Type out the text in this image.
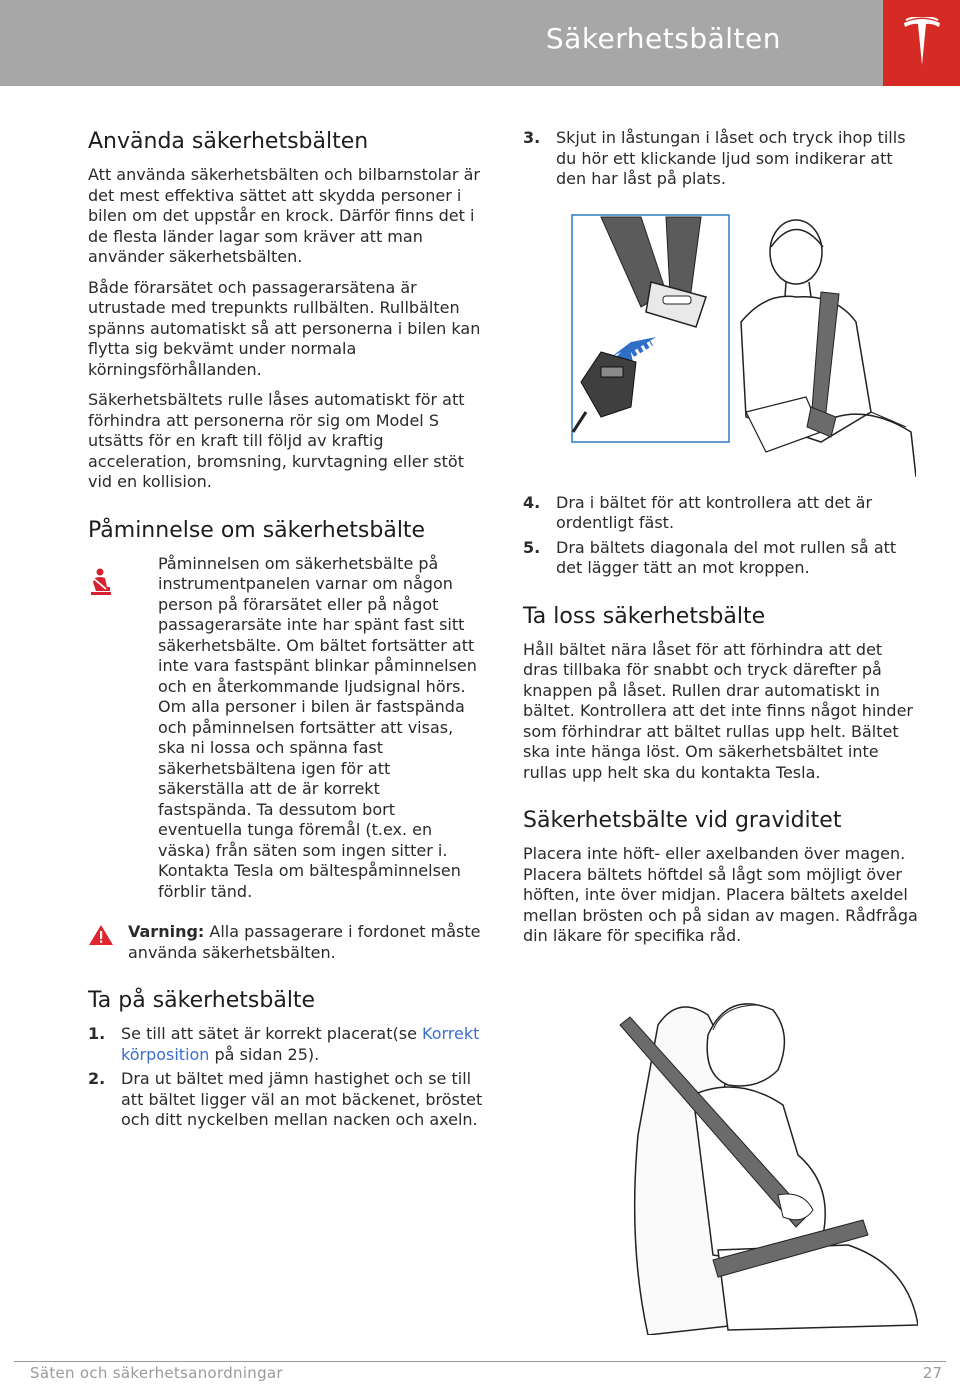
Säkerhetsbälten
Använda säkerhetsbälten

Att använda säkerhetsbälten och bilbarnstolar är det mest effektiva sättet att skydda personer i bilen om det uppstår en krock. Därför finns det i de flesta länder lagar som kräver att man använder säkerhetsbälten.

Både förarsätet och passagerarsätena är utrustade med trepunkts rullbälten. Rullbälten spänns automatiskt så att personerna i bilen kan flytta sig bekvämt under normala körningsförhållanden.

Säkerhetsbältets rulle låses automatiskt för att förhindra att personerna rör sig om Model S utsätts för en kraft till följd av kraftig acceleration, bromsning, kurvtagning eller stöt vid en kollision.

Påminnelse om säkerhetsbälte
Påminnelsen om säkerhetsbälte på instrumentpanelen varnar om någon person på förarsätet eller på något passagerarsäte inte har spänt fast sitt säkerhetsbälte. Om bältet fortsätter att inte vara fastspänt blinkar påminnelsen och en återkommande ljudsignal hörs. Om alla personer i bilen är fastspända och påminnelsen fortsätter att visas, ska ni lossa och spänna fast säkerhetsbältena igen för att säkerställa att de är korrekt fastspända. Ta dessutom bort eventuella tunga föremål (t.ex. en väska) från säten som ingen sitter i. Kontakta Tesla om bältespåminnelsen förblir tänd.
Varning: Alla passagerare i fordonet måste använda säkerhetsbälten.
Ta på säkerhetsbälte
1. Se till att sätet är korrekt placerat(se Korrekt körposition på sidan 25).
2. Dra ut bältet med jämn hastighet och se till att bältet ligger väl an mot bäckenet, bröstet och ditt nyckelben mellan nacken och axeln.
3. Skjut in låstungan i låset och tryck ihop tills du hör ett klickande ljud som indikerar att den har låst på plats.
4. Dra i bältet för att kontrollera att det är ordentligt fäst.
5. Dra bältets diagonala del mot rullen så att det lägger tätt an mot kroppen.
Ta loss säkerhetsbälte

Håll bältet nära låset för att förhindra att det dras tillbaka för snabbt och tryck därefter på knappen på låset. Rullen drar automatiskt in bältet. Kontrollera att det inte finns något hinder som förhindrar att bältet rullas upp helt. Bältet ska inte hänga löst. Om säkerhetsbältet inte rullas upp helt ska du kontakta Tesla.

Säkerhetsbälte vid graviditet

Placera inte höft- eller axelbanden över magen. Placera bältets höftdel så lågt som möjligt över höften, inte över midjan. Placera bältets axeldel mellan brösten och på sidan av magen. Rådfråga din läkare för specifika råd.

Säten och säkerhetsanordningar	27
